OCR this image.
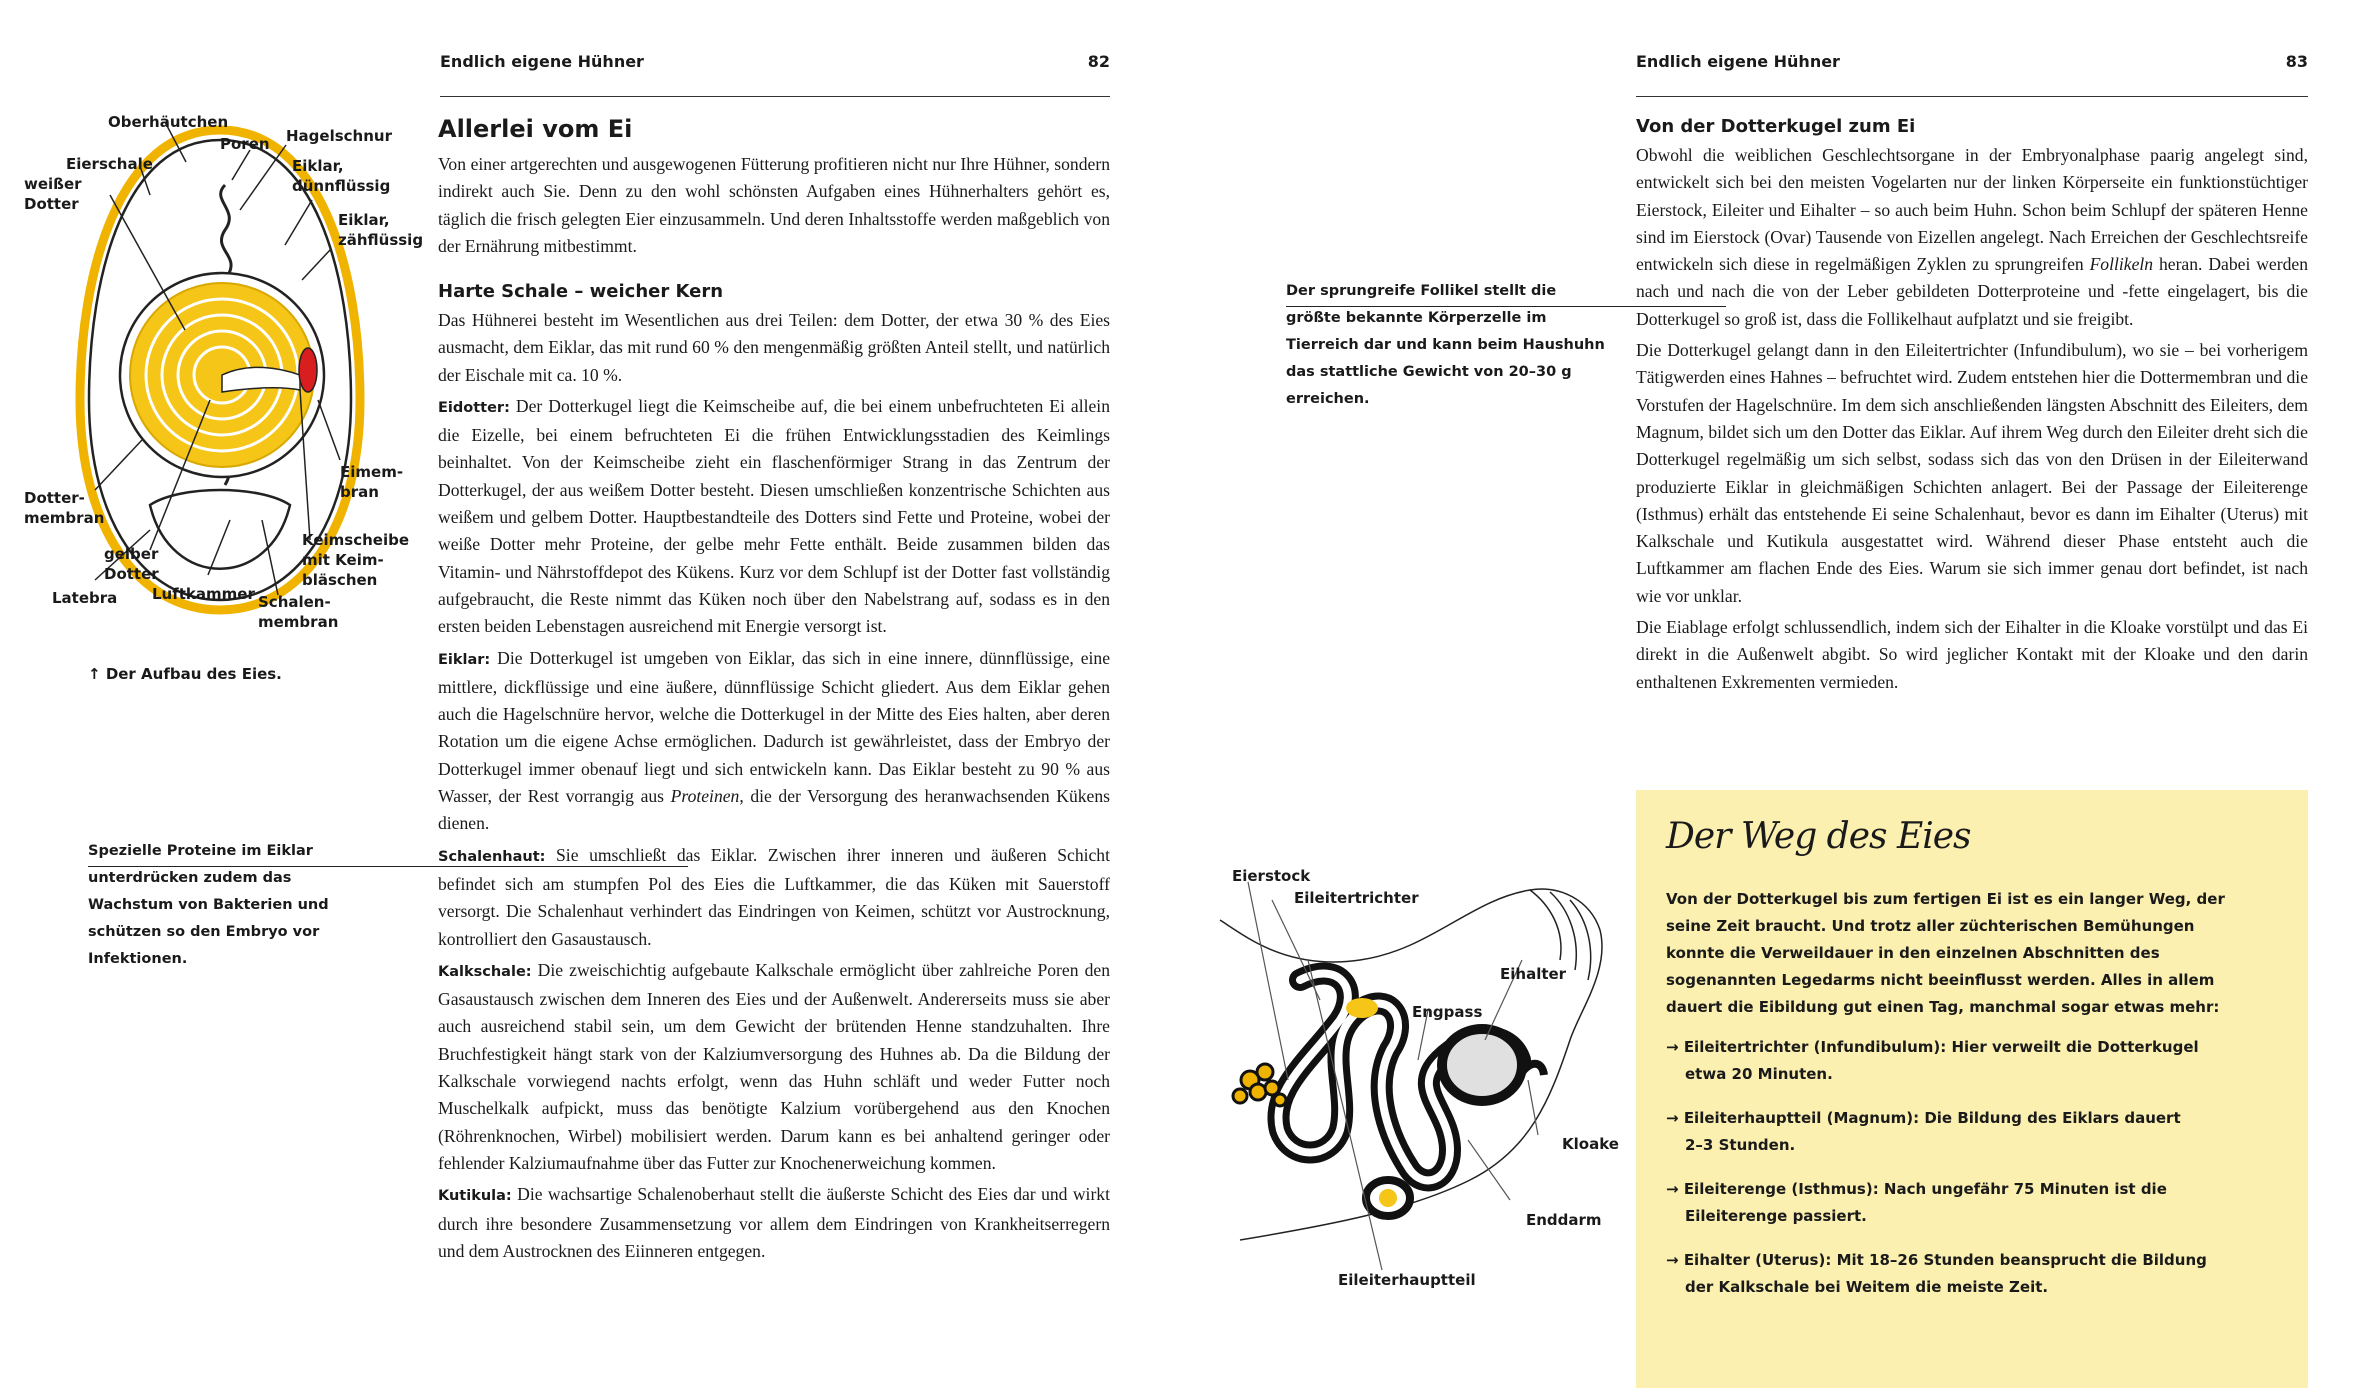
Endlich eigene Hühner	82
Allerlei vom Ei

Von einer artgerechten und ausgewogenen Fütterung profitieren nicht nur Ihre Hühner, sondern indirekt auch Sie. Denn zu den wohl schönsten Aufgaben eines Hühnerhalters gehört es, täglich die frisch gelegten Eier einzusammeln. Und deren Inhaltsstoffe werden maßgeblich von der Ernährung mitbestimmt.

Harte Schale – weicher Kern

Das Hühnerei besteht im Wesentlichen aus drei Teilen: dem Dotter, der etwa 30 % des Eies ausmacht, dem Eiklar, das mit rund 60 % den mengenmäßig größten Anteil stellt, und natürlich der Eischale mit ca. 10 %.

Eidotter: Der Dotterkugel liegt die Keimscheibe auf, die bei einem unbefruchteten Ei allein die Eizelle, bei einem befruchteten Ei die frühen Entwicklungsstadien des Keimlings beinhaltet. Von der Keimscheibe zieht ein flaschenförmiger Strang in das Zentrum der Dotterkugel, der aus weißem Dotter besteht. Diesen umschließen konzentrische Schichten aus weißem und gelbem Dotter. Hauptbestandteile des Dotters sind Fette und Proteine, wobei der weiße Dotter mehr Proteine, der gelbe mehr Fette enthält. Beide zusammen bilden das Vitamin- und Nährstoffdepot des Kükens. Kurz vor dem Schlupf ist der Dotter fast vollständig aufgebraucht, die Reste nimmt das Küken noch über den Nabelstrang auf, sodass es in den ersten beiden Lebenstagen ausreichend mit Energie versorgt ist.

Eiklar: Die Dotterkugel ist umgeben von Eiklar, das sich in eine innere, dünnflüssige, eine mittlere, dickflüssige und eine äußere, dünnflüssige Schicht gliedert. Aus dem Eiklar gehen auch die Hagelschnüre hervor, welche die Dotterkugel in der Mitte des Eies halten, aber deren Rotation um die eigene Achse ermöglichen. Dadurch ist gewährleistet, dass der Embryo der Dotterkugel immer obenauf liegt und sich entwickeln kann. Das Eiklar besteht zu 90 % aus Wasser, der Rest vorrangig aus Proteinen, die der Versorgung des heranwachsenden Kükens dienen.

Schalenhaut: Sie umschließt das Eiklar. Zwischen ihrer inneren und äußeren Schicht befindet sich am stumpfen Pol des Eies die Luftkammer, die das Küken mit Sauerstoff versorgt. Die Schalenhaut verhindert das Eindringen von Keimen, schützt vor Austrocknung, kontrolliert den Gasaustausch.

Kalkschale: Die zweischichtig aufgebaute Kalkschale ermöglicht über zahlreiche Poren den Gasaustausch zwischen dem Inneren des Eies und der Außenwelt. Andererseits muss sie aber auch ausreichend stabil sein, um dem Gewicht der brütenden Henne standzuhalten. Ihre Bruchfestigkeit hängt stark von der Kalziumversorgung des Huhnes ab. Da die Bildung der Kalkschale vorwiegend nachts erfolgt, wenn das Huhn schläft und weder Futter noch Muschelkalk aufpickt, muss das benötigte Kalzium vorübergehend aus den Knochen (Röhrenknochen, Wirbel) mobilisiert werden. Darum kann es bei anhaltend geringer oder fehlender Kalziumaufnahme über das Futter zur Knochenerweichung kommen.

Kutikula: Die wachsartige Schalenoberhaut stellt die äußerste Schicht des Eies dar und wirkt durch ihre besondere Zusammensetzung vor allem dem Eindringen von Krankheitserregern und dem Austrocknen des Eiinneren entgegen.

Oberhäutchen
Poren Hagelschnur
Eierschale
weißer
Dotter
Eiklar,
dünnflüssig
Eiklar,
zähflüssig
Eimem-
bran
Dotter-
membran
Keimscheibe
mit Keim-
bläschen
gelber
Dotter
Latebra Luftkammer Schalen-
membran
↑ Der Aufbau des Eies.
Spezielle Proteine im Eiklar unterdrücken zudem das Wachstum von Bakterien und schützen so den Embryo vor Infektionen.
Endlich eigene Hühner	83
Von der Dotterkugel zum Ei

Obwohl die weiblichen Geschlechtsorgane in der Embryonalphase paarig angelegt sind, entwickelt sich bei den meisten Vogelarten nur der linken Körperseite ein funktionstüchtiger Eierstock, Eileiter und Eihalter – so auch beim Huhn. Schon beim Schlupf der späteren Henne sind im Eierstock (Ovar) Tausende von Eizellen angelegt. Nach Erreichen der Geschlechtsreife entwickeln sich diese in regelmäßigen Zyklen zu sprungreifen Follikeln heran. Dabei werden nach und nach die von der Leber gebildeten Dotterproteine und -fette eingelagert, bis die Dotterkugel so groß ist, dass die Follikelhaut aufplatzt und sie freigibt.

Die Dotterkugel gelangt dann in den Eileitertrichter (Infundibulum), wo sie – bei vorherigem Tätigwerden eines Hahnes – befruchtet wird. Zudem entstehen hier die Dottermembran und die Vorstufen der Hagelschnüre. Im dem sich anschließenden längsten Abschnitt des Eileiters, dem Magnum, bildet sich um den Dotter das Eiklar. Auf ihrem Weg durch den Eileiter dreht sich die Dotterkugel regelmäßig um sich selbst, sodass sich das von den Drüsen in der Eileiterwand produzierte Eiklar in gleichmäßigen Schichten anlagert. Bei der Passage der Eileiterenge (Isthmus) erhält das entstehende Ei seine Schalenhaut, bevor es dann im Eihalter (Uterus) mit Kalkschale und Kutikula ausgestattet wird. Während dieser Phase entsteht auch die Luftkammer am flachen Ende des Eies. Warum sie sich immer genau dort befindet, ist nach wie vor unklar.

Die Eiablage erfolgt schlussendlich, indem sich der Eihalter in die Kloake vorstülpt und das Ei direkt in die Außenwelt abgibt. So wird jeglicher Kontakt mit der Kloake und den darin enthaltenen Exkrementen vermieden.

Der sprungreife Follikel stellt die größte bekannte Körperzelle im Tierreich dar und kann beim Haushuhn das stattliche Gewicht von 20–30 g erreichen.
Eierstock
Eileitertrichter
Eihalter
Engpass
Kloake
Enddarm
Eileiterhauptteil
Der Weg des Eies
Von der Dotterkugel bis zum fertigen Ei ist es ein langer Weg, der seine Zeit braucht. Und trotz aller züchterischen Bemühungen konnte die Verweildauer in den einzelnen Abschnitten des sogenannten Legedarms nicht beeinflusst werden. Alles in allem dauert die Eibildung gut einen Tag, manchmal sogar etwas mehr:
→ Eileitertrichter (Infundibulum): Hier verweilt die Dotterkugel
etwa 20 Minuten.
→ Eileiterhauptteil (Magnum): Die Bildung des Eiklars dauert
2–3 Stunden.
→ Eileiterenge (Isthmus): Nach ungefähr 75 Minuten ist die
Eileiterenge passiert.
→ Eihalter (Uterus): Mit 18–26 Stunden beansprucht die Bildung
der Kalkschale bei Weitem die meiste Zeit.
